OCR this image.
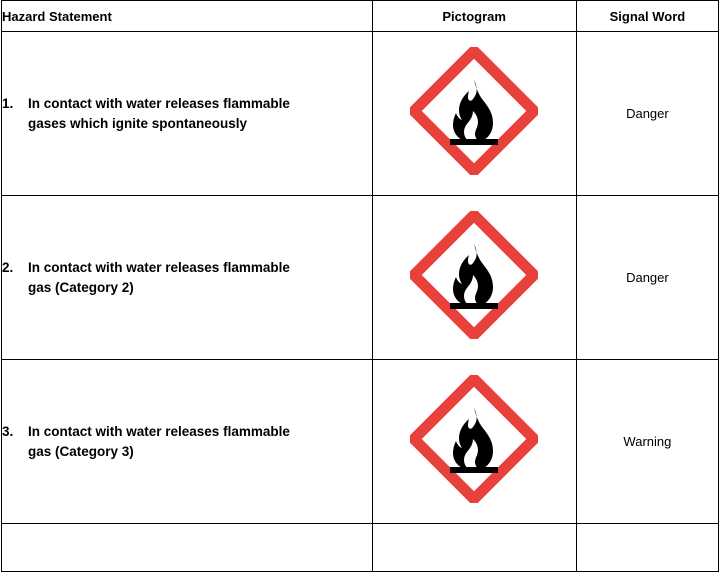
Hazard Statement	Pictogram	Signal Word

1. In contact with water releases flammable gases which ignite spontaneously		Danger

2. In contact with water releases flammable gas (Category 2)		Danger

3. In contact with water releases flammable gas (Category 3)		Warning
